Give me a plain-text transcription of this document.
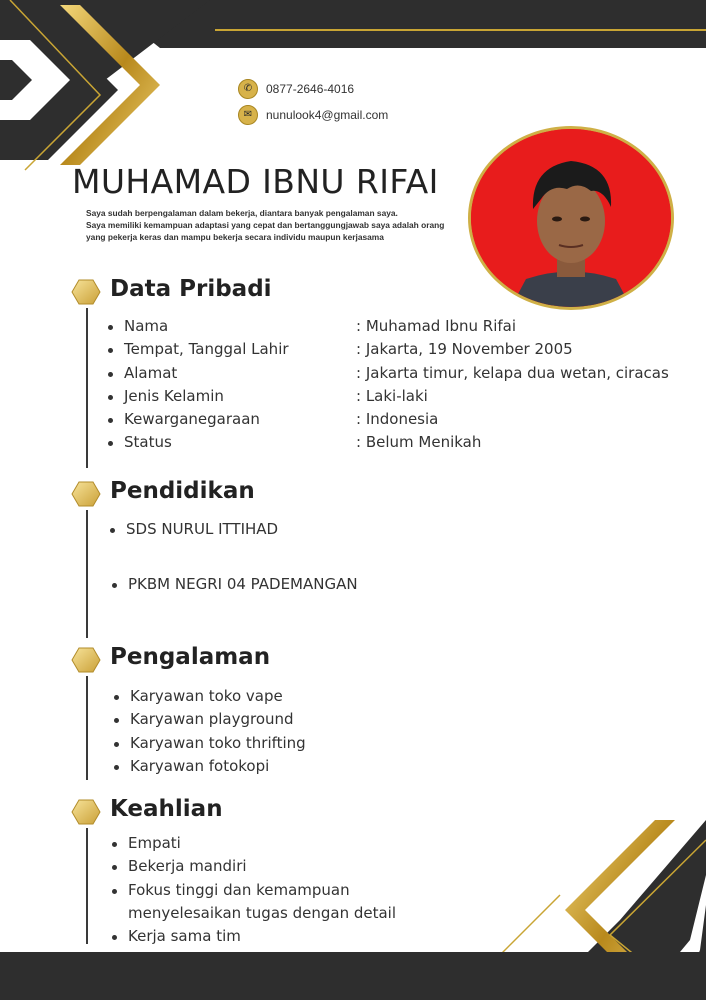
✆ 0877-2646-4016
✉ nunulook4@gmail.com
MUHAMAD IBNU RIFAI

Saya sudah berpengalaman dalam bekerja, diantara banyak pengalaman saya.

Saya memiliki kemampuan adaptasi yang cepat dan bertanggungjawab saya adalah orang

yang pekerja keras dan mampu bekerja secara individu maupun kerjasama

Data Pribadi
Nama	: Muhamad Ibnu Rifai
Tempat, Tanggal Lahir	: Jakarta, 19 November 2005
Alamat	: Jakarta timur, kelapa dua wetan, ciracas
Jenis Kelamin	: Laki-laki
Kewarganegaraan	: Indonesia
Status	: Belum Menikah
Pendidikan
SDS NURUL ITTIHAD
PKBM NEGRI 04 PADEMANGAN
Pengalaman
Karyawan toko vape
Karyawan playground
Karyawan toko thrifting
Karyawan fotokopi
Keahlian
Empati
Bekerja mandiri
Fokus tinggi dan kemampuan
menyelesaikan tugas dengan detail
Kerja sama tim
